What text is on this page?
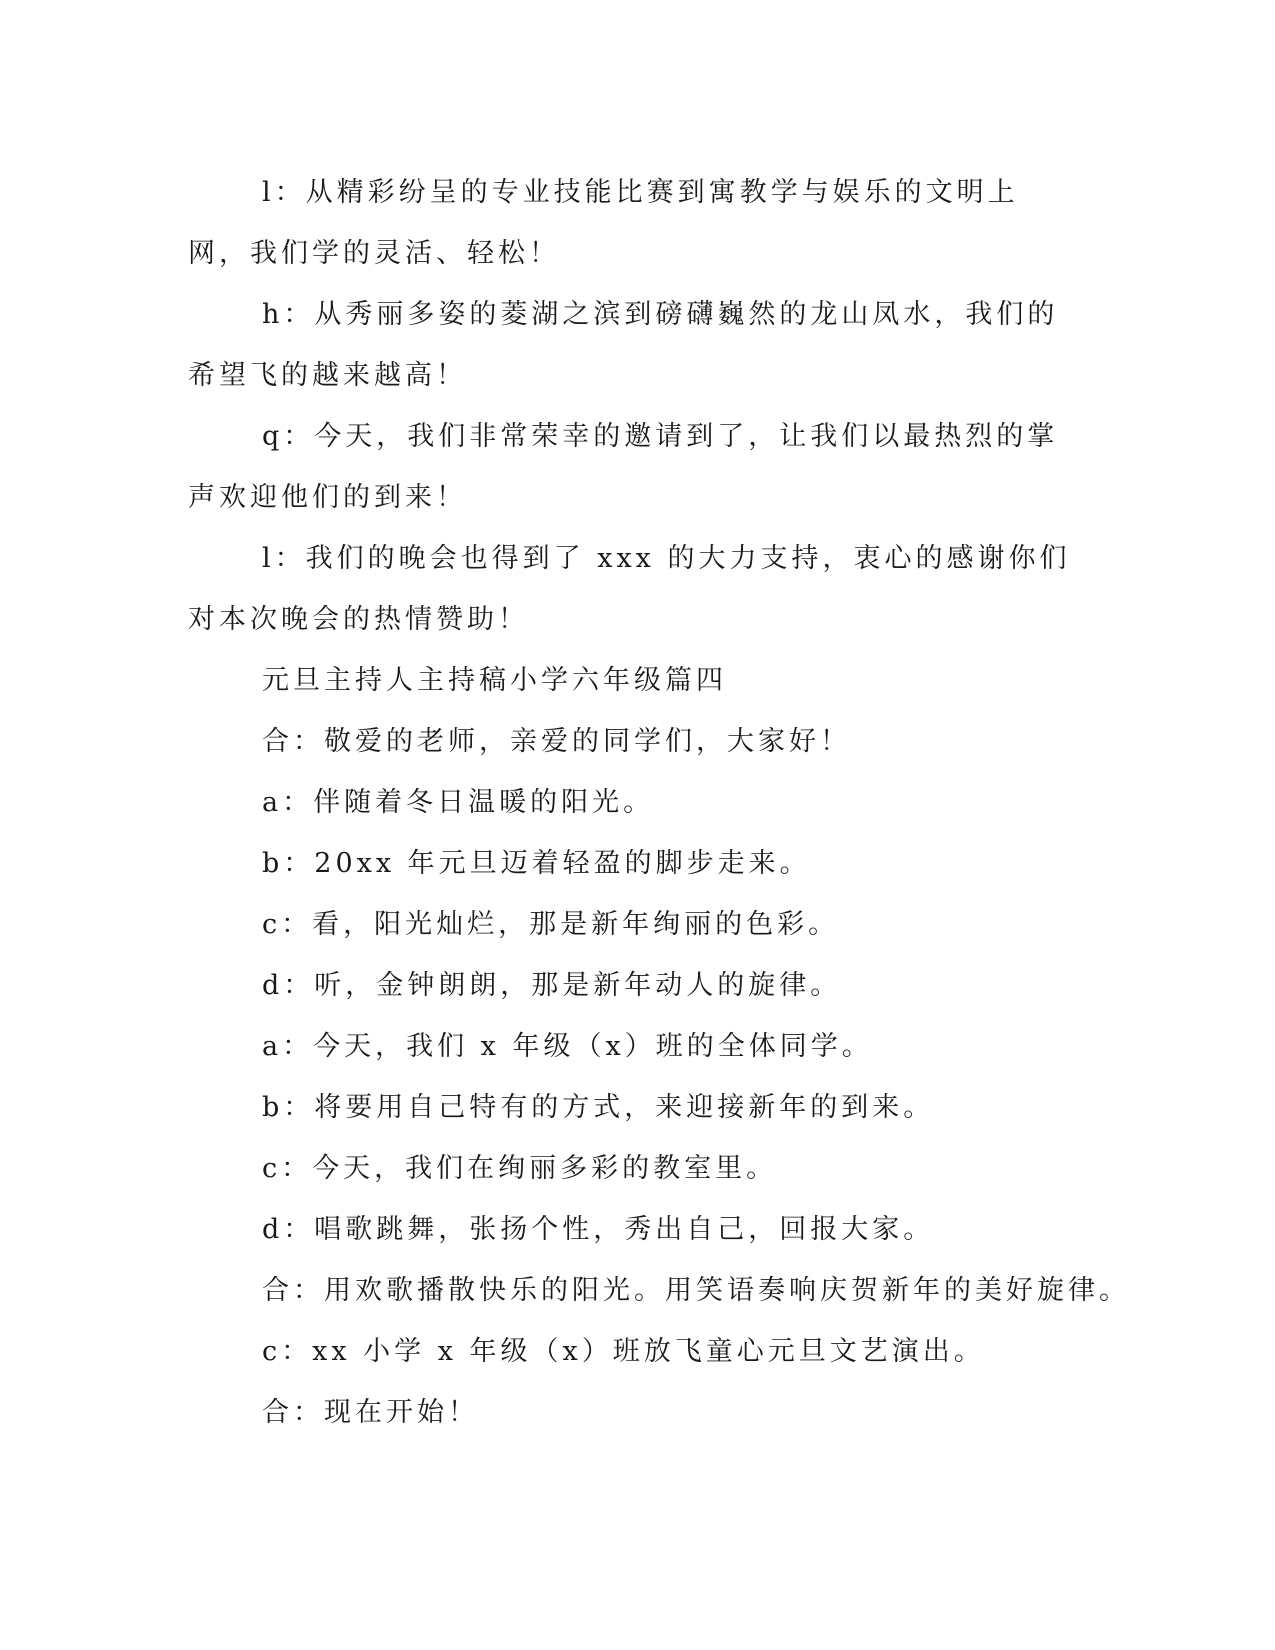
l：从精彩纷呈的专业技能比赛到寓教学与娱乐的文明上网，我们学的灵活、轻松！

h：从秀丽多姿的菱湖之滨到磅礴巍然的龙山凤水，我们的希望飞的越来越高！

q：今天，我们非常荣幸的邀请到了，让我们以最热烈的掌声欢迎他们的到来！

l：我们的晚会也得到了 xxx 的大力支持，衷心的感谢你们对本次晚会的热情赞助！

元旦主持人主持稿小学六年级篇四

合：敬爱的老师，亲爱的同学们，大家好！

a：伴随着冬日温暖的阳光。

b：20xx 年元旦迈着轻盈的脚步走来。

c：看，阳光灿烂，那是新年绚丽的色彩。

d：听，金钟朗朗，那是新年动人的旋律。

a：今天，我们 x 年级（x）班的全体同学。

b：将要用自己特有的方式，来迎接新年的到来。

c：今天，我们在绚丽多彩的教室里。

d：唱歌跳舞，张扬个性，秀出自己，回报大家。

合：用欢歌播散快乐的阳光。用笑语奏响庆贺新年的美好旋律。

c：xx 小学 x 年级（x）班放飞童心元旦文艺演出。

合：现在开始！
